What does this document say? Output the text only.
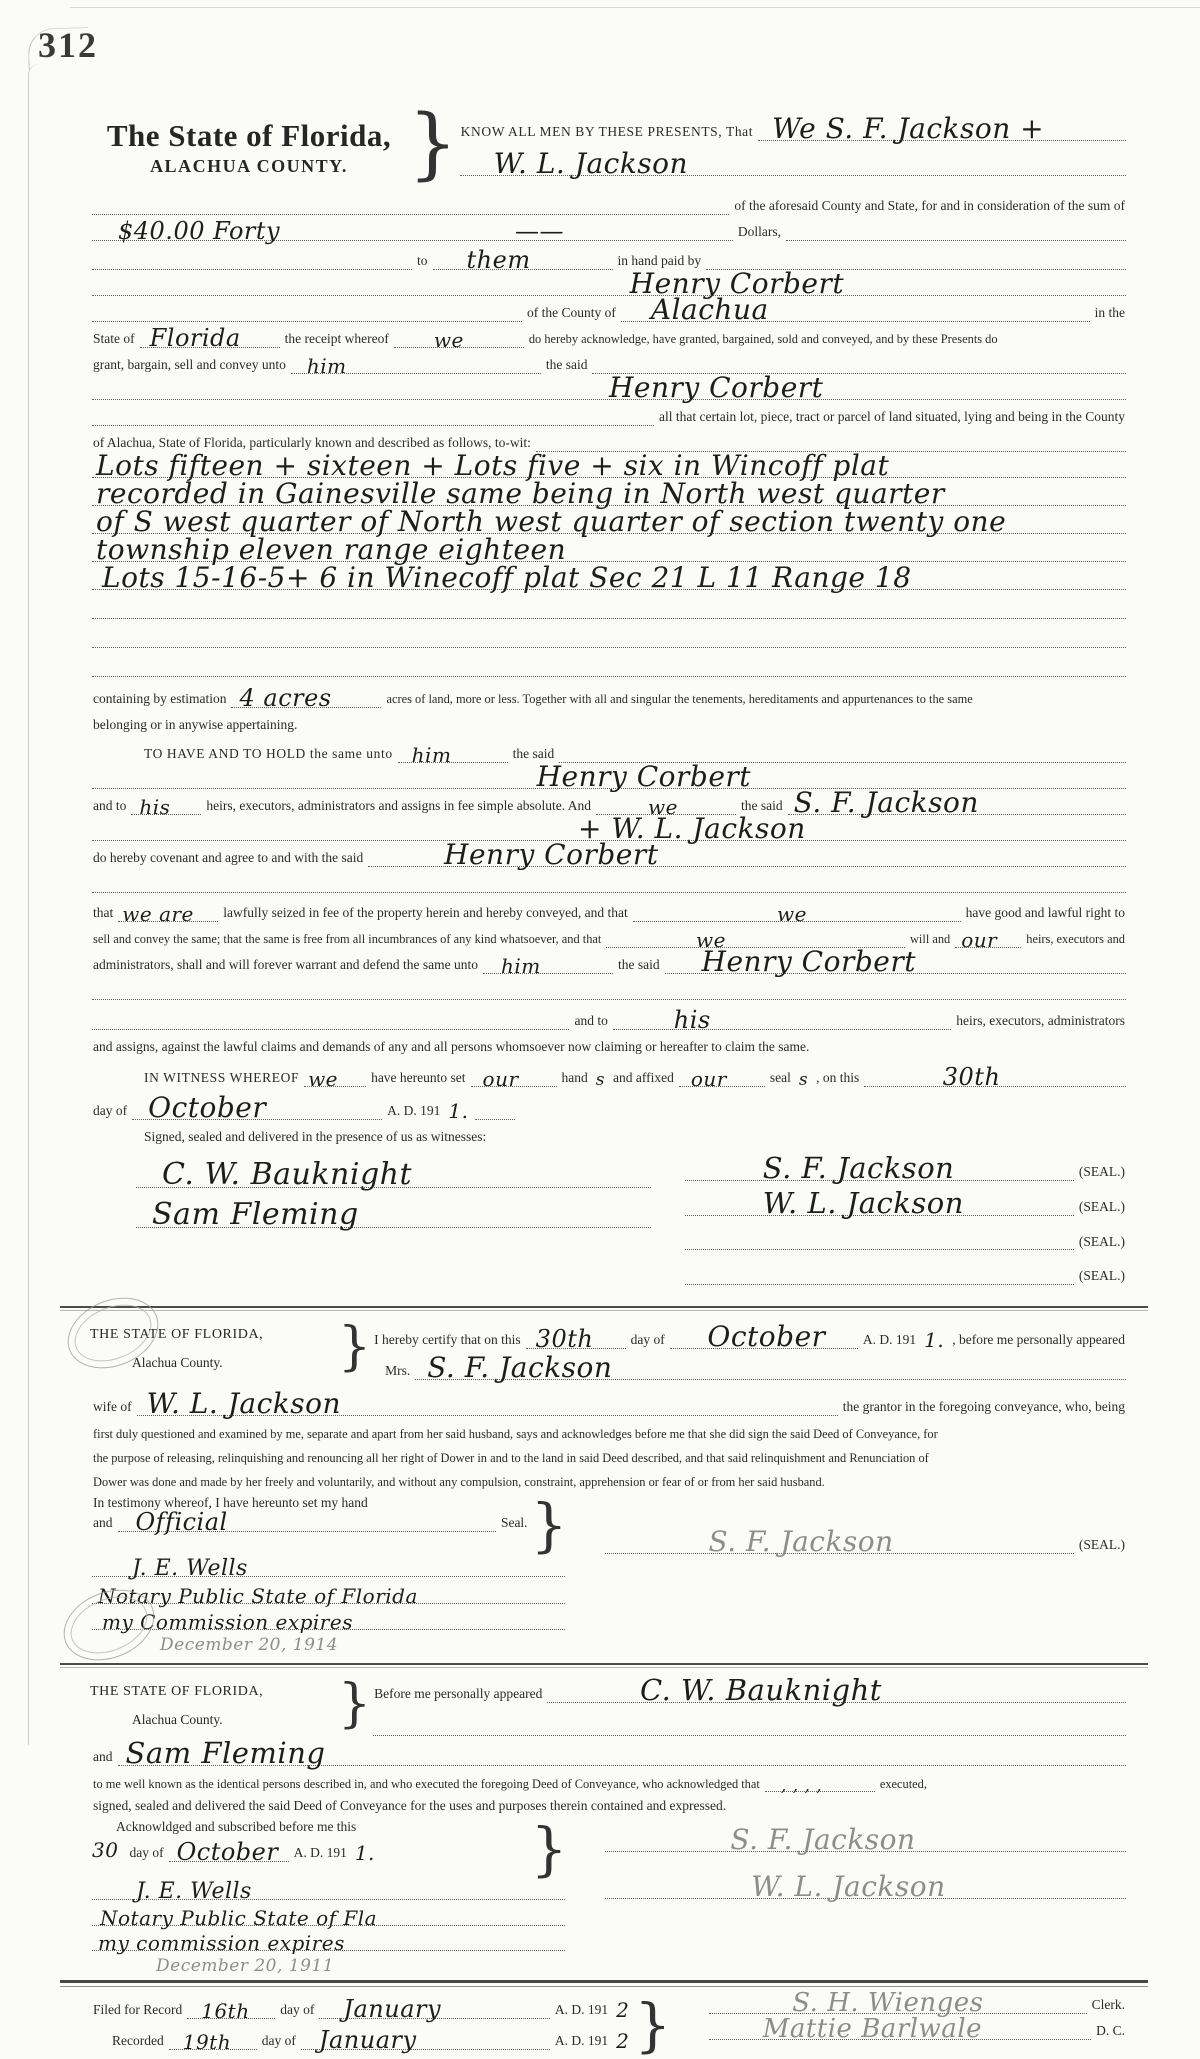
312
The State of Florida,
ALACHUA COUNTY. } KNOW ALL MEN BY THESE PRESENTS, That We S. F. Jackson +
W. L. Jackson
of the aforesaid County and State, for and in consideration of the sum of
$40.00 Forty	——	Dollars,
to them	in hand paid by
Henry Corbert
of the County of Alachua	in the
State of Florida	the receipt whereof we	do hereby acknowledge, have granted, bargained, sold and conveyed, and by these Presents do
grant, bargain, sell and convey unto him	the said
Henry Corbert
all that certain lot, piece, tract or parcel of land situated, lying and being in the County
of Alachua, State of Florida, particularly known and described as follows, to-wit:
Lots fifteen + sixteen + Lots five + six in Wincoff plat
recorded in Gainesville same being in North west quarter
of S west quarter of North west quarter of section twenty one
township eleven range eighteen
Lots 15-16-5+ 6 in Winecoff plat Sec 21 L 11 Range 18
containing by estimation 4 acres	acres of land, more or less. Together with all and singular the tenements, hereditaments and appurtenances to the same
belonging or in anywise appertaining.
TO HAVE AND TO HOLD the same unto him	the said
Henry Corbert
and to his	heirs, executors, administrators and assigns in fee simple absolute. And	we	the said S. F. Jackson
+ W. L. Jackson
do hereby covenant and agree to and with the said	Henry Corbert
that we are lawfully seized in fee of the property herein and hereby conveyed, and that	we	have good and lawful right to
sell and convey the same; that the same is free from all incumbrances of any kind whatsoever, and that	we	will and our heirs, executors and
administrators, shall and will forever warrant and defend the same unto him	the said Henry Corbert
and to	his	heirs, executors, administrators
and assigns, against the lawful claims and demands of any and all persons whomsoever now claiming or hereafter to claim the same.
IN WITNESS WHEREOF we have hereunto set our	hand s and affixed our	seal s , on this	30th
day of October	A. D. 191 1.
Signed, sealed and delivered in the presence of us as witnesses:
C. W. Bauknight
Sam Fleming
S. F. Jackson	(SEAL.)
W. L. Jackson	(SEAL.)
(SEAL.)
(SEAL.)
THE STATE OF FLORIDA,
Alachua County.	} I hereby certify that on this 30th	day of October	A. D. 191 1. , before me personally appeared
Mrs. S. F. Jackson
wife of W. L. Jackson	the grantor in the foregoing conveyance, who, being
first duly questioned and examined by me, separate and apart from her said husband, says and acknowledges before me that she did sign the said Deed of Conveyance, for
the purpose of releasing, relinquishing and renouncing all her right of Dower in and to the land in said Deed described, and that said relinquishment and Renunciation of
Dower was done and made by her freely and voluntarily, and without any compulsion, constraint, apprehension or fear of or from her said husband.
In testimony whereof, I have hereunto set my hand
and Official	Seal. }
J. E. Wells
Notary Public State of Florida
my Commission expires
December 20, 1914
S. F. Jackson	(SEAL.)
THE STATE OF FLORIDA,
Alachua County.	} Before me personally appeared	C. W. Bauknight
and Sam Fleming
to me well known as the identical persons described in, and who executed the foregoing Deed of Conveyance, who acknowledged that , , , ,	executed,
signed, sealed and delivered the said Deed of Conveyance for the uses and purposes therein contained and expressed.
Acknowldged and subscribed before me this
30 day of October A. D. 191 1.	}
J. E. Wells
Notary Public State of Fla
my commission expires
December 20, 1911
S. F. Jackson
W. L. Jackson
Filed for Record 16th day of January	A. D. 191 2
Recorded 19th day of January	A. D. 191 2 }	S. H. Wienges	Clerk.
Mattie Barlwale	D. C.
